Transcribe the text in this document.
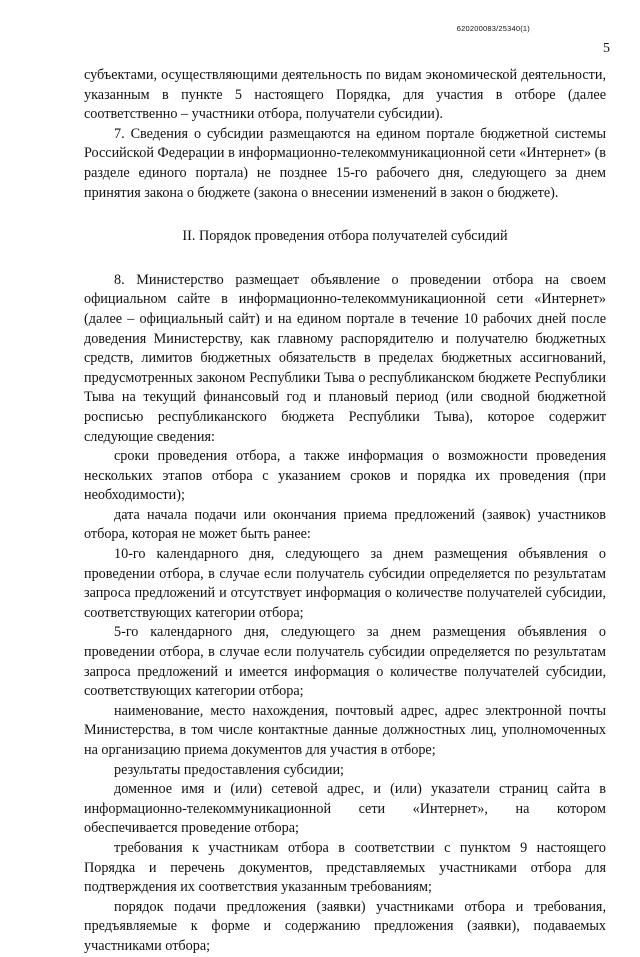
620200083/25340(1)
5

субъектами, осуществляющими деятельность по видам экономической деятельности, указанным в пункте 5 настоящего Порядка, для участия в отборе (далее соответственно – участники отбора, получатели субсидии).

7. Сведения о субсидии размещаются на едином портале бюджетной системы Российской Федерации в информационно-телекоммуникационной сети «Интернет» (в разделе единого портала) не позднее 15-го рабочего дня, следующего за днем принятия закона о бюджете (закона о внесении изменений в закон о бюджете).

II. Порядок проведения отбора получателей субсидий

8. Министерство размещает объявление о проведении отбора на своем официальном сайте в информационно-телекоммуникационной сети «Интернет» (далее – официальный сайт) и на едином портале в течение 10 рабочих дней после доведения Министерству, как главному распорядителю и получателю бюджетных средств, лимитов бюджетных обязательств в пределах бюджетных ассигнований, предусмотренных законом Республики Тыва о республиканском бюджете Республики Тыва на текущий финансовый год и плановый период (или сводной бюджетной росписью республиканского бюджета Республики Тыва), которое содержит следующие сведения:

сроки проведения отбора, а также информация о возможности проведения нескольких этапов отбора с указанием сроков и порядка их проведения (при необходимости);

дата начала подачи или окончания приема предложений (заявок) участников отбора, которая не может быть ранее:

10-го календарного дня, следующего за днем размещения объявления о проведении отбора, в случае если получатель субсидии определяется по результатам запроса предложений и отсутствует информация о количестве получателей субсидии, соответствующих категории отбора;

5-го календарного дня, следующего за днем размещения объявления о проведении отбора, в случае если получатель субсидии определяется по результатам запроса предложений и имеется информация о количестве получателей субсидии, соответствующих категории отбора;

наименование, место нахождения, почтовый адрес, адрес электронной почты Министерства, в том числе контактные данные должностных лиц, уполномоченных на организацию приема документов для участия в отборе;

результаты предоставления субсидии;

доменное имя и (или) сетевой адрес, и (или) указатели страниц сайта в информационно-телекоммуникационной сети «Интернет», на котором обеспечивается проведение отбора;

требования к участникам отбора в соответствии с пунктом 9 настоящего Порядка и перечень документов, представляемых участниками отбора для подтверждения их соответствия указанным требованиям;

порядок подачи предложения (заявки) участниками отбора и требования, предъявляемые к форме и содержанию предложения (заявки), подаваемых участниками отбора;
